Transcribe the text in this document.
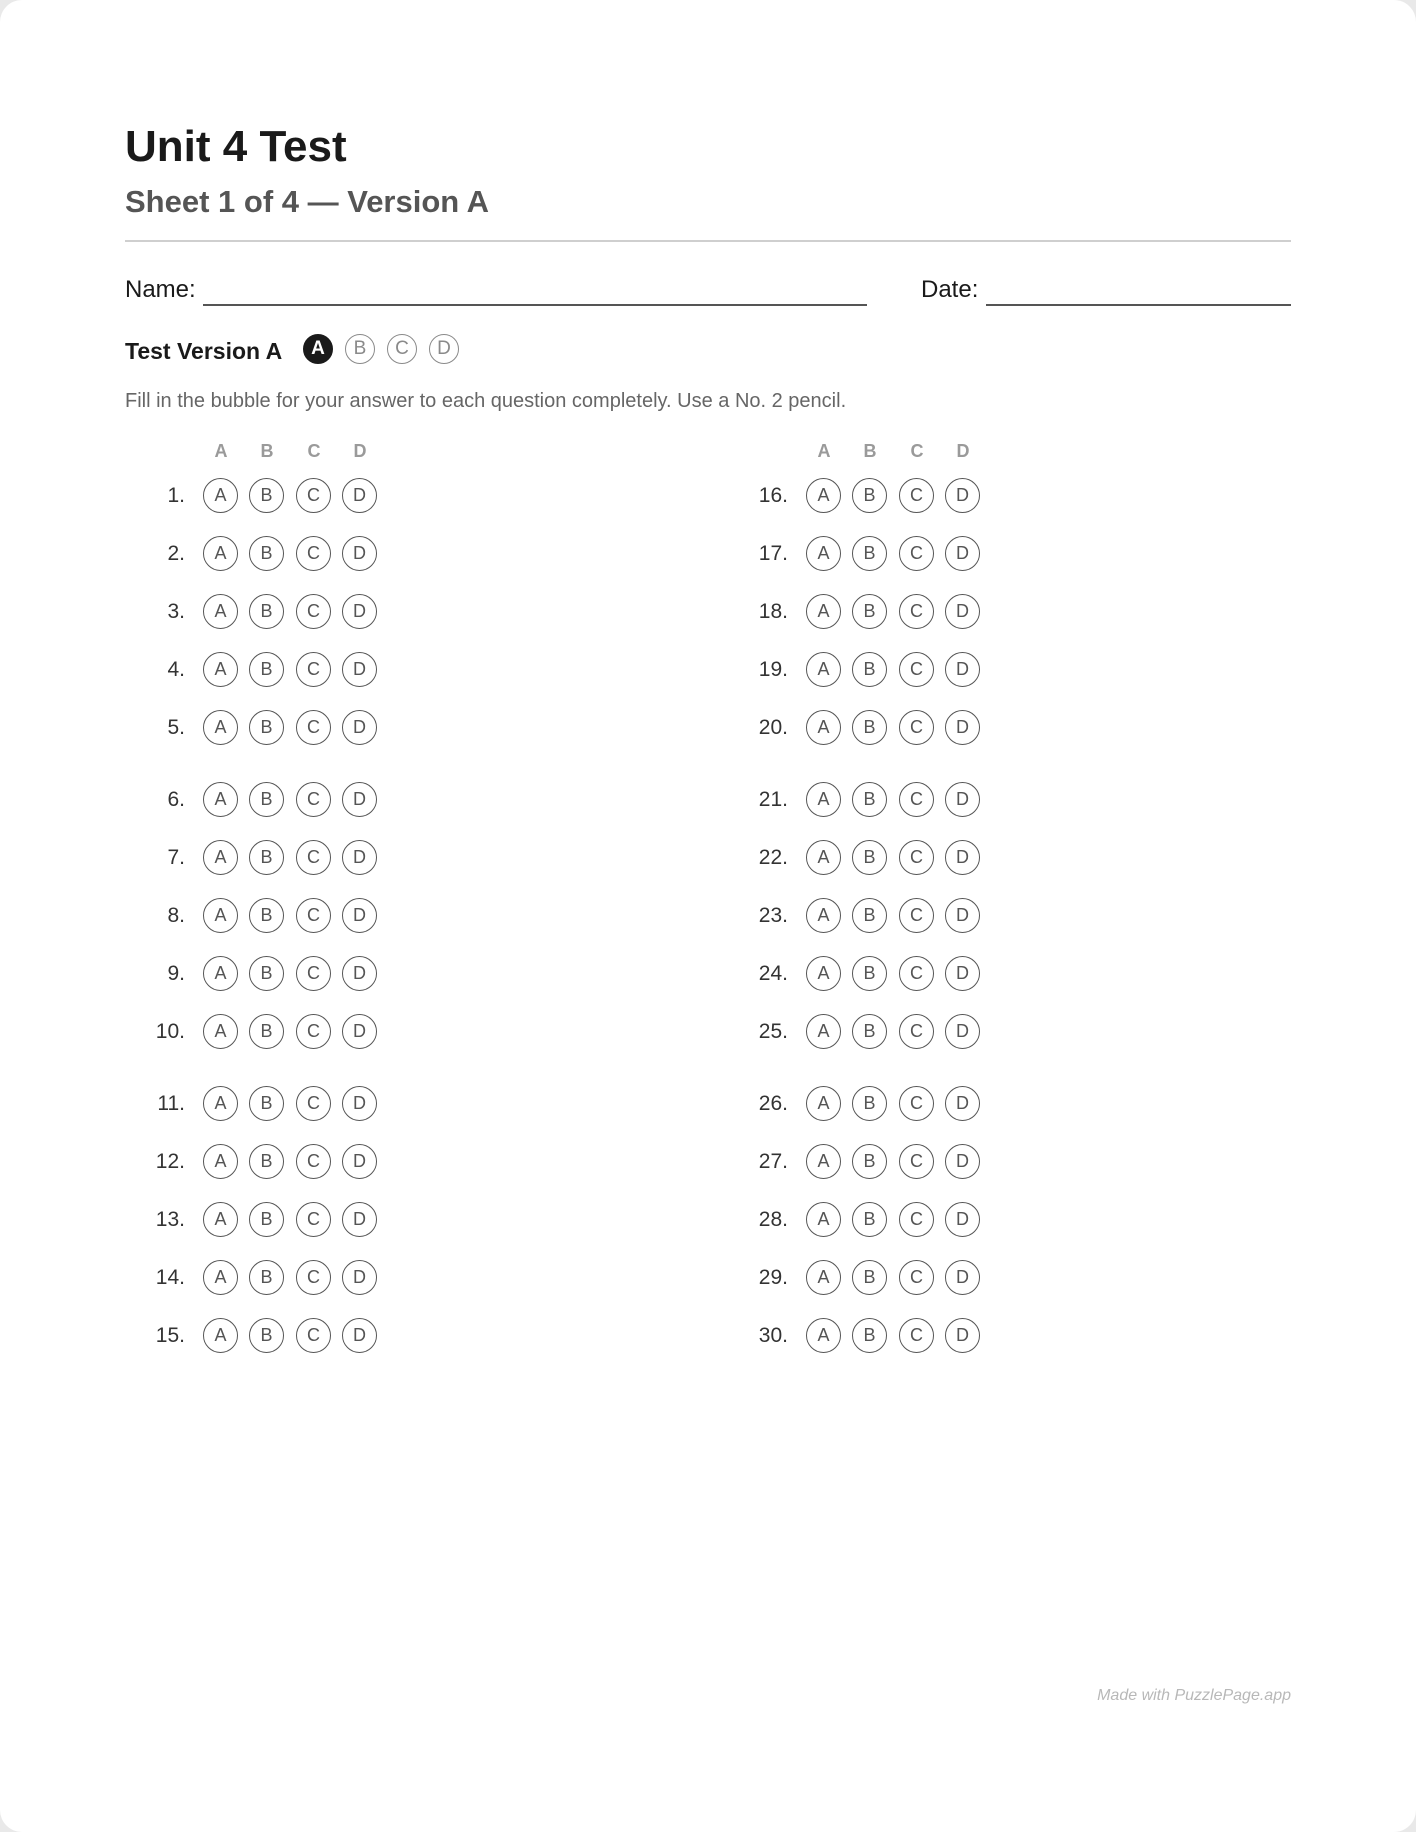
Unit 4 Test
Sheet 1 of 4 — Version A
Name:	Date:
Test Version A	A	B	C	D
Fill in the bubble for your answer to each question completely. Use a No. 2 pencil.
A	B	C	D
1.	A	B	C	D
2.	A	B	C	D
3.	A	B	C	D
4.	A	B	C	D
5.	A	B	C	D
6.	A	B	C	D
7.	A	B	C	D
8.	A	B	C	D
9.	A	B	C	D
10.	A	B	C	D
11.	A	B	C	D
12.	A	B	C	D
13.	A	B	C	D
14.	A	B	C	D
15.	A	B	C	D
A	B	C	D
16.	A	B	C	D
17.	A	B	C	D
18.	A	B	C	D
19.	A	B	C	D
20.	A	B	C	D
21.	A	B	C	D
22.	A	B	C	D
23.	A	B	C	D
24.	A	B	C	D
25.	A	B	C	D
26.	A	B	C	D
27.	A	B	C	D
28.	A	B	C	D
29.	A	B	C	D
30.	A	B	C	D
Made with PuzzlePage.app
